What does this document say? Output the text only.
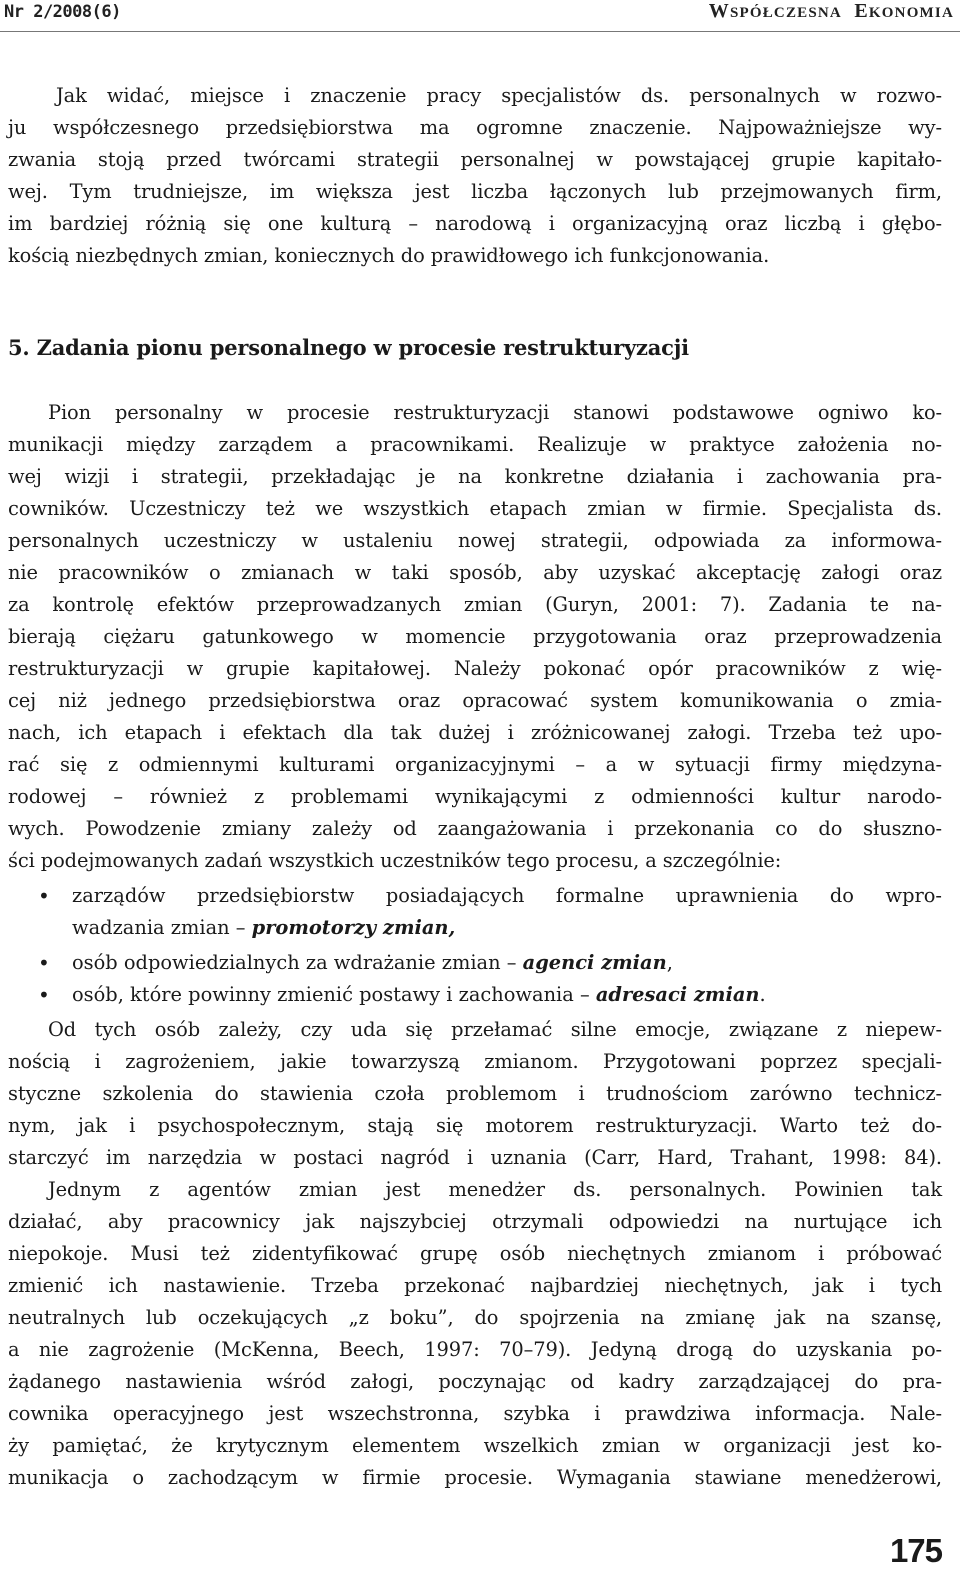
Nr 2/2008(6)	WSPÓŁCZESNA EKONOMIA
Jak widać, miejsce i znaczenie pracy specjalistów ds. personalnych w rozwo-
ju współczesnego przedsiębiorstwa ma ogromne znaczenie. Najpoważniejsze wy-
zwania stoją przed twórcami strategii personalnej w powstającej grupie kapitało-
wej. Tym trudniejsze, im większa jest liczba łączonych lub przejmowanych firm,
im bardziej różnią się one kulturą – narodową i organizacyjną oraz liczbą i głębo-
kością niezbędnych zmian, koniecznych do prawidłowego ich funkcjonowania.
5. Zadania pionu personalnego w procesie restrukturyzacji
Pion personalny w procesie restrukturyzacji stanowi podstawowe ogniwo ko-
munikacji między zarządem a pracownikami. Realizuje w praktyce założenia no-
wej wizji i strategii, przekładając je na konkretne działania i zachowania pra-
cowników. Uczestniczy też we wszystkich etapach zmian w firmie. Specjalista ds.
personalnych uczestniczy w ustaleniu nowej strategii, odpowiada za informowa-
nie pracowników o zmianach w taki sposób, aby uzyskać akceptację załogi oraz
za kontrolę efektów przeprowadzanych zmian (Guryn, 2001: 7). Zadania te na-
bierają ciężaru gatunkowego w momencie przygotowania oraz przeprowadzenia
restrukturyzacji w grupie kapitałowej. Należy pokonać opór pracowników z wię-
cej niż jednego przedsiębiorstwa oraz opracować system komunikowania o zmia-
nach, ich etapach i efektach dla tak dużej i zróżnicowanej załogi. Trzeba też upo-
rać się z odmiennymi kulturami organizacyjnymi – a w sytuacji firmy międzyna-
rodowej – również z problemami wynikającymi z odmienności kultur narodo-
wych. Powodzenie zmiany zależy od zaangażowania i przekonania co do słuszno-
ści podejmowanych zadań wszystkich uczestników tego procesu, a szczególnie:
• zarządów przedsiębiorstw posiadających formalne uprawnienia do wpro-
wadzania zmian – promotorzy zmian,
• osób odpowiedzialnych za wdrażanie zmian – agenci zmian,
• osób, które powinny zmienić postawy i zachowania – adresaci zmian.
Od tych osób zależy, czy uda się przełamać silne emocje, związane z niepew-
nością i zagrożeniem, jakie towarzyszą zmianom. Przygotowani poprzez specjali-
styczne szkolenia do stawienia czoła problemom i trudnościom zarówno technicz-
nym, jak i psychospołecznym, stają się motorem restrukturyzacji. Warto też do-
starczyć im narzędzia w postaci nagród i uznania (Carr, Hard, Trahant, 1998: 84).
Jednym z agentów zmian jest menedżer ds. personalnych. Powinien tak
działać, aby pracownicy jak najszybciej otrzymali odpowiedzi na nurtujące ich
niepokoje. Musi też zidentyfikować grupę osób niechętnych zmianom i próbować
zmienić ich nastawienie. Trzeba przekonać najbardziej niechętnych, jak i tych
neutralnych lub oczekujących „z boku”, do spojrzenia na zmianę jak na szansę,
a nie zagrożenie (McKenna, Beech, 1997: 70–79). Jedyną drogą do uzyskania po-
żądanego nastawienia wśród załogi, poczynając od kadry zarządzającej do pra-
cownika operacyjnego jest wszechstronna, szybka i prawdziwa informacja. Nale-
ży pamiętać, że krytycznym elementem wszelkich zmian w organizacji jest ko-
munikacja o zachodzącym w firmie procesie. Wymagania stawiane menedżerowi,
175
